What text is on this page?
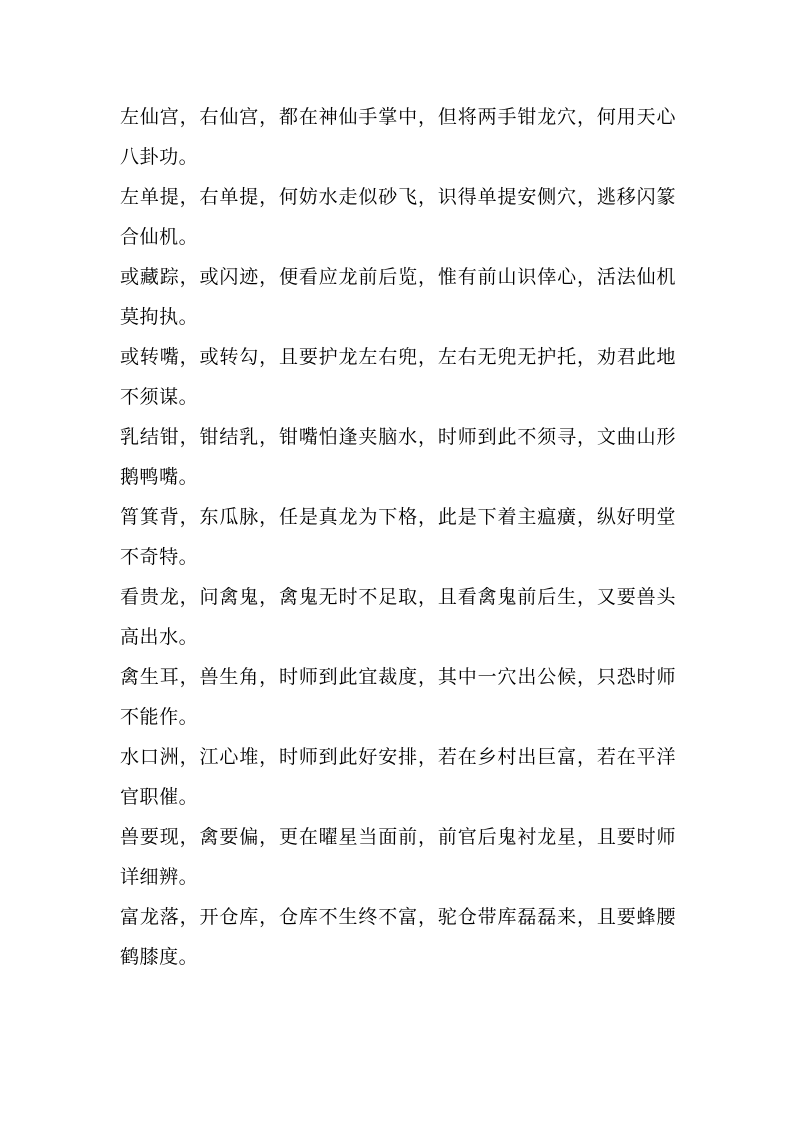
左仙宫，右仙宫，都在神仙手掌中，但将两手钳龙穴，何用天心八卦功。

左单提，右单提，何妨水走似砂飞，识得单提安侧穴，逃移闪篆合仙机。

或藏踪，或闪迹，便看应龙前后览，惟有前山识倖心，活法仙机莫拘执。

或转嘴，或转勾，且要护龙左右兜，左右无兜无护托，劝君此地不须谋。

乳结钳，钳结乳，钳嘴怕逢夹脑水，时师到此不须寻，文曲山形鹅鸭嘴。

筲箕背，东瓜脉，任是真龙为下格，此是下着主瘟癀，纵好明堂不奇特。

看贵龙，问禽鬼，禽鬼无时不足取，且看禽鬼前后生，又要兽头高出水。

禽生耳，兽生角，时师到此宜裁度，其中一穴出公候，只恐时师不能作。

水口洲，江心堆，时师到此好安排，若在乡村出巨富，若在平洋官职催。

兽要现，禽要偏，更在曜星当面前，前官后鬼衬龙星，且要时师详细辨。

富龙落，开仓库，仓库不生终不富，驼仓带库磊磊来，且要蜂腰鹤膝度。
